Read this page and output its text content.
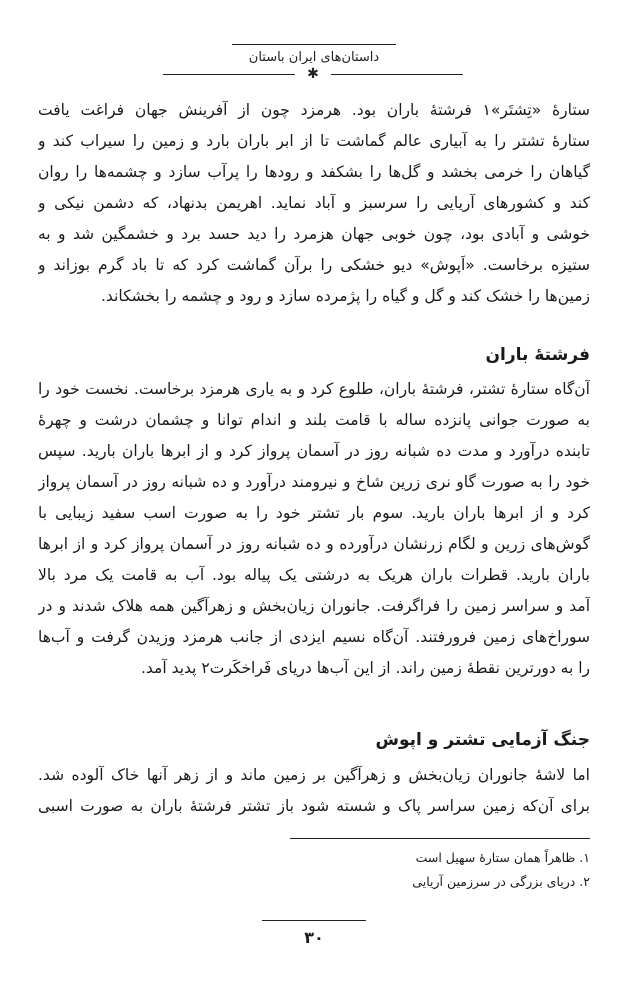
داستان‌های ایران باستان
✱
ستارهٔ «تِشتَر»۱ فرشتهٔ باران بود. هرمزد چون از آفرینش جهان فراغت یافت
ستارهٔ تشتر را به آبیاری عالم گماشت تا از ابر باران بارد و زمین را سیراب کند و
گیاهان را خرمی بخشد و گل‌ها را بشکفد و رودها را پرآب سازد و چشمه‌ها را روان
کند و کشورهای آریایی را سرسبز و آباد نماید. اهریمن بدنهاد، که دشمن نیکی و
خوشی و آبادی بود، چون خوبی جهان هزمرد را دید حسد برد و خشمگین شد و به
ستیزه برخاست. «اَپوش» دیو خشکی را برآن گماشت کرد که تا باد گرم بوزاند و
زمین‌ها را خشک کند و گل و گیاه را پژمرده سازد و رود و چشمه را بخشکاند.
فرشتهٔ باران
آن‌گاه ستارهٔ تشتر، فرشتهٔ باران، طلوع کرد و به یاری هرمزد برخاست. نخست خود را
به صورت جوانی پانزده ساله با قامت بلند و اندام توانا و چشمان درشت و چهرهٔ
تابنده درآورد و مدت ده شبانه روز در آسمان پرواز کرد و از ابرها باران بارید. سپس
خود را به صورت گاو نری زرین شاخ و نیرومند درآورد و ده شبانه روز در آسمان پرواز
کرد و از ابرها باران بارید. سوم بار تشتر خود را به صورت اسب سفید زیبایی با
گوش‌های زرین و لگام زرنشان درآورده و ده شبانه روز در آسمان پرواز کرد و از ابرها
باران بارید. قطرات باران هریک به درشتی یک پیاله بود. آب به قامت یک مرد بالا
آمد و سراسر زمین را فراگرفت. جانوران زیان‌بخش و زهرآگین همه هلاک شدند و در
سوراخ‌های زمین فرورفتند. آن‌گاه نسیم ایزدی از جانب هرمزد وزیدن گرفت و آب‌ها
را به دورترین نقطهٔ زمین راند. از این آب‌ها دریای فَراخکَرت۲ پدید آمد.
جنگ آزمایی تشتر و اپوش
اما لاشهٔ جانوران زیان‌بخش و زهرآگین بر زمین ماند و از زهر آنها خاک آلوده شد.
برای آن‌که زمین سراسر پاک و شسته شود باز تشتر فرشتهٔ باران به صورت اسبی
۱. ظاهراً همان ستارهٔ سهیل است
۲. دریای بزرگی در سرزمین آریایی
۳۰
